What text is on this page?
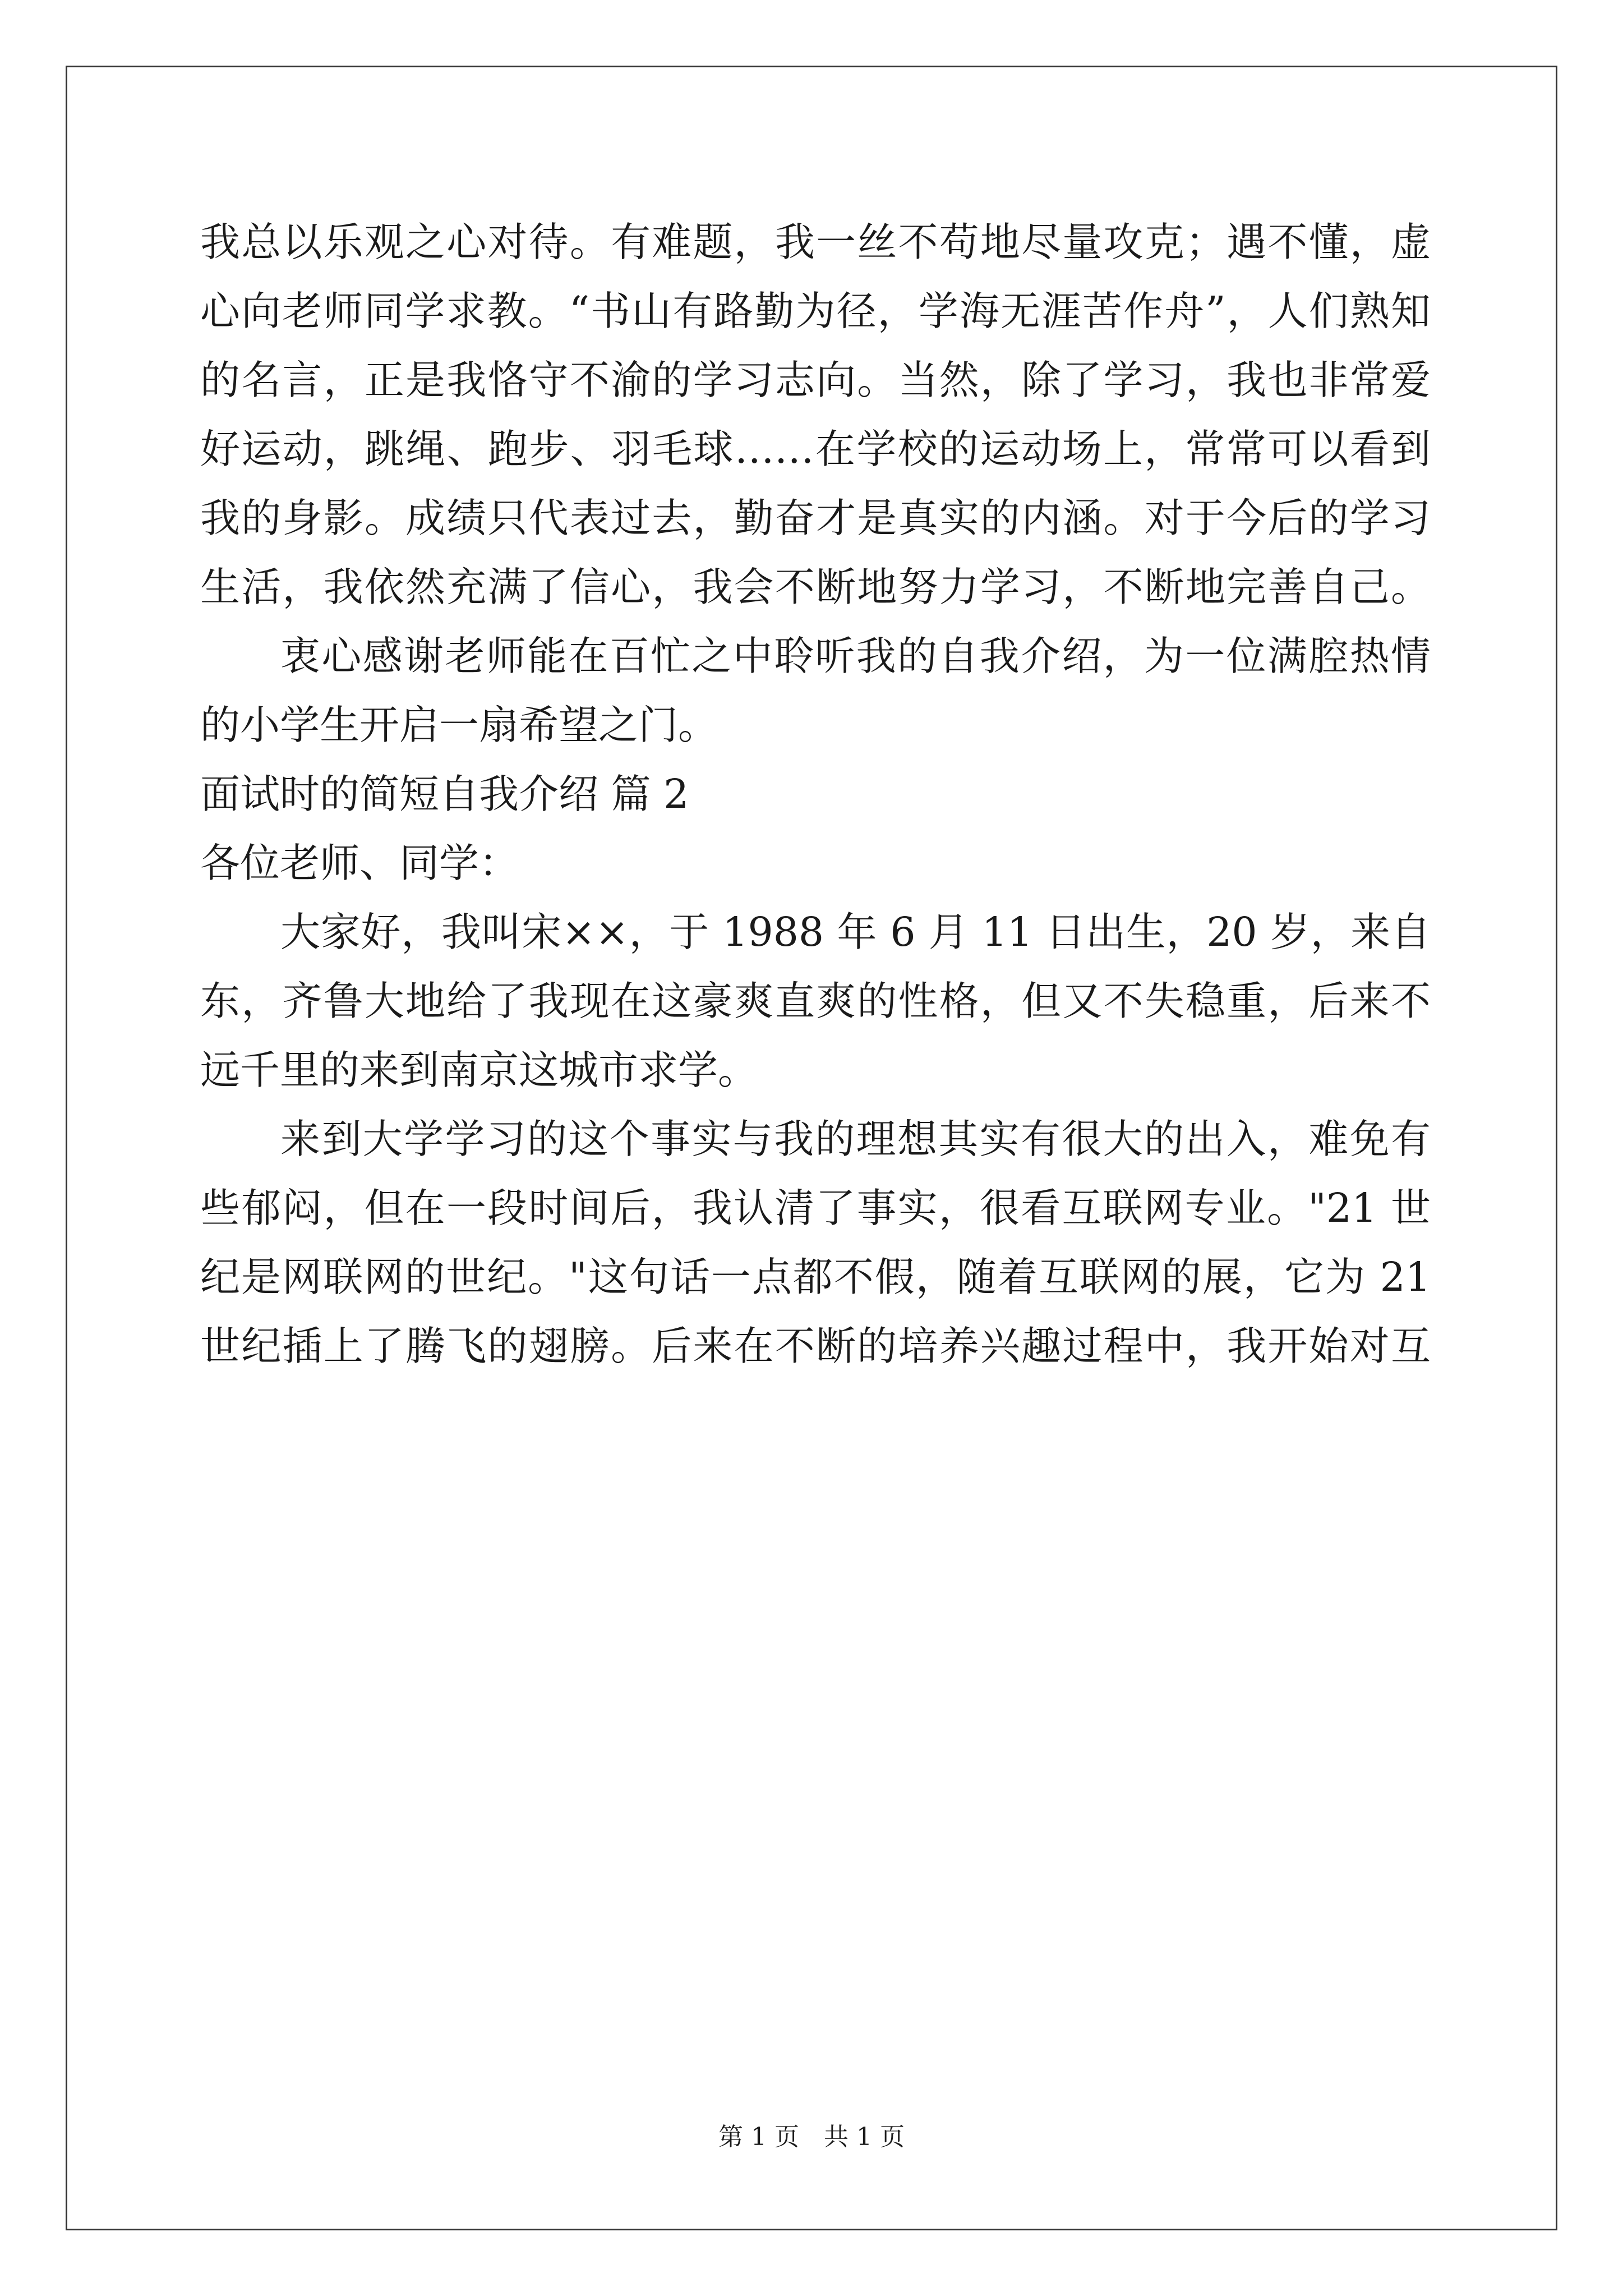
我总以乐观之心对待。有难题，我一丝不苟地尽量攻克；遇不懂，虚
心向老师同学求教。“书山有路勤为径，学海无涯苦作舟”，人们熟知
的名言，正是我恪守不渝的学习志向。当然，除了学习，我也非常爱
好运动，跳绳、跑步、羽毛球……在学校的运动场上，常常可以看到
我的身影。成绩只代表过去，勤奋才是真实的内涵。对于今后的学习
生活，我依然充满了信心，我会不断地努力学习，不断地完善自己。
衷心感谢老师能在百忙之中聆听我的自我介绍，为一位满腔热情
的小学生开启一扇希望之门。
面试时的简短自我介绍 篇 2
各位老师、同学：
大家好，我叫宋××，于 1988 年 6 月 11 日出生，20 岁，来自
东，齐鲁大地给了我现在这豪爽直爽的性格，但又不失稳重，后来不
远千里的来到南京这城市求学。
来到大学学习的这个事实与我的理想其实有很大的出入，难免有
些郁闷，但在一段时间后，我认清了事实，很看互联网专业。"21 世
纪是网联网的世纪。"这句话一点都不假，随着互联网的展，它为 21
世纪插上了腾飞的翅膀。后来在不断的培养兴趣过程中，我开始对互
第 1 页　共 1 页
